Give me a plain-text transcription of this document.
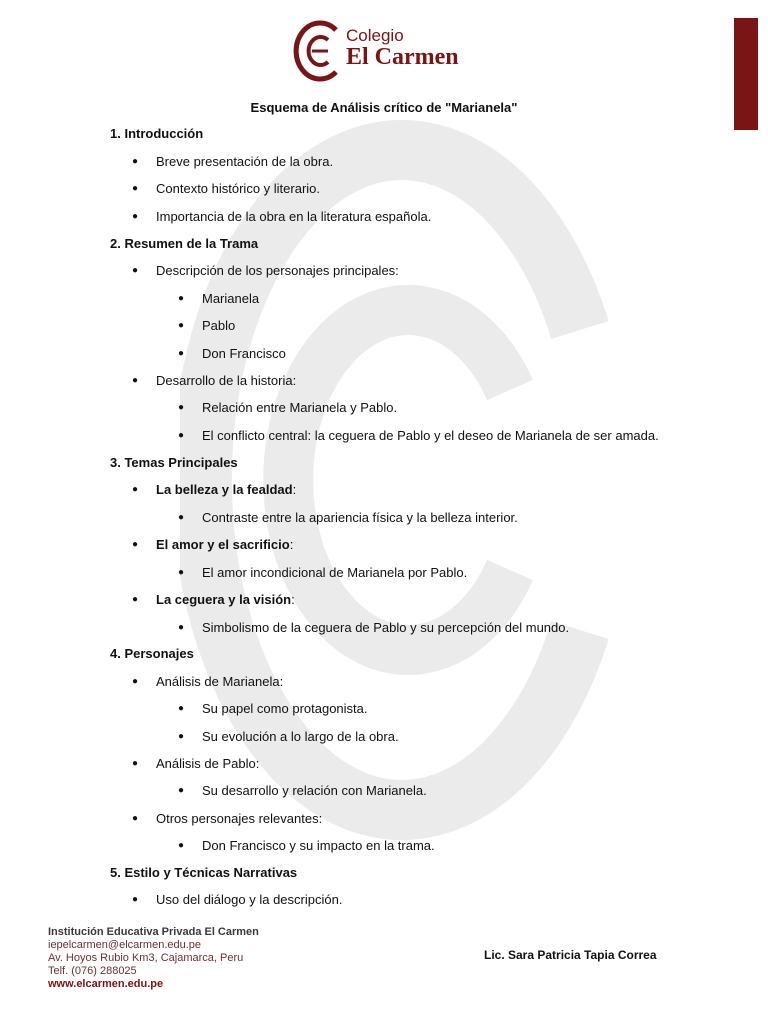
Colegio
El Carmen
Esquema de Análisis crítico de "Marianela"
1. Introducción
● Breve presentación de la obra.
● Contexto histórico y literario.
● Importancia de la obra en la literatura española.
2. Resumen de la Trama
● Descripción de los personajes principales:
● Marianela
● Pablo
● Don Francisco
● Desarrollo de la historia:
● Relación entre Marianela y Pablo.
● El conflicto central: la ceguera de Pablo y el deseo de Marianela de ser amada.
3. Temas Principales
● La belleza y la fealdad:
● Contraste entre la apariencia física y la belleza interior.
● El amor y el sacrificio:
● El amor incondicional de Marianela por Pablo.
● La ceguera y la visión:
● Simbolismo de la ceguera de Pablo y su percepción del mundo.
4. Personajes
● Análisis de Marianela:
● Su papel como protagonista.
● Su evolución a lo largo de la obra.
● Análisis de Pablo:
● Su desarrollo y relación con Marianela.
● Otros personajes relevantes:
● Don Francisco y su impacto en la trama.
5. Estilo y Técnicas Narrativas
● Uso del diálogo y la descripción.
Institución Educativa Privada El Carmen
iepelcarmen@elcarmen.edu.pe
Av. Hoyos Rubio Km3, Cajamarca, Peru
Telf. (076) 288025
www.elcarmen.edu.pe
Lic. Sara Patricia Tapia Correa
